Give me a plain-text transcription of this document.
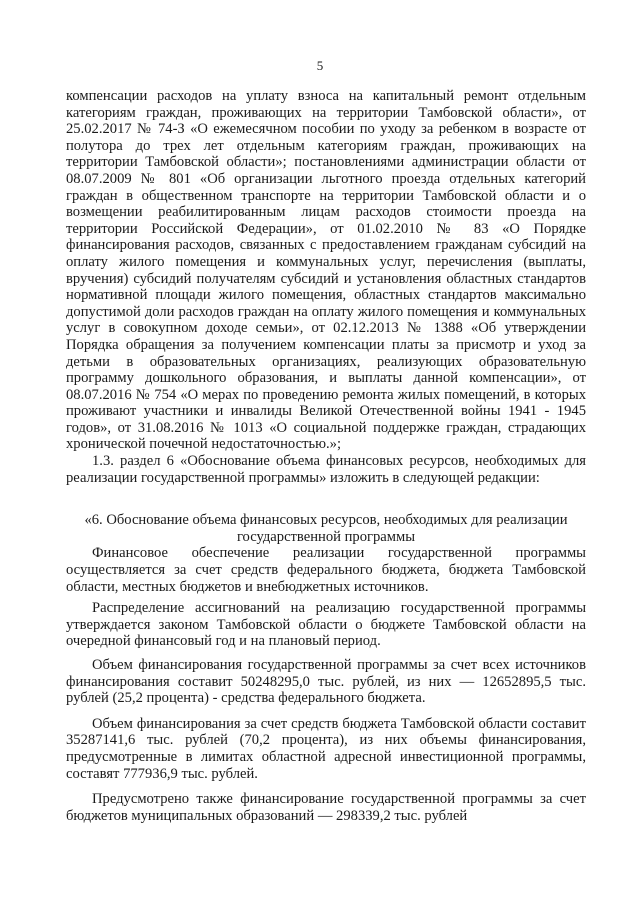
5

компенсации расходов на уплату взноса на капитальный ремонт отдельным категориям граждан, проживающих на территории Тамбовской области», от 25.02.2017 № 74-З «О ежемесячном пособии по уходу за ребенком в возрасте от полутора до трех лет отдельным категориям граждан, проживающих на территории Тамбовской области»; постановлениями администрации области от 08.07.2009 № 801 «Об организации льготного проезда отдельных категорий граждан в общественном транспорте на территории Тамбовской области и о возмещении реабилитированным лицам расходов стоимости проезда на территории Российской Федерации», от 01.02.2010 № 83 «О Порядке финансирования расходов, связанных с предоставлением гражданам субсидий на оплату жилого помещения и коммунальных услуг, перечисления (выплаты, вручения) субсидий получателям субсидий и установления областных стандартов нормативной площади жилого помещения, областных стандартов максимально допустимой доли расходов граждан на оплату жилого помещения и коммунальных услуг в совокупном доходе семьи», от 02.12.2013 № 1388 «Об утверждении Порядка обращения за получением компенсации платы за присмотр и уход за детьми в образовательных организациях, реализующих образовательную программу дошкольного образования, и выплаты данной компенсации», от 08.07.2016 № 754 «О мерах по проведению ремонта жилых помещений, в которых проживают участники и инвалиды Великой Отечественной войны 1941 - 1945 годов», от 31.08.2016 № 1013 «О социальной поддержке граждан, страдающих хронической почечной недостаточностью.»;

1.3. раздел 6 «Обоснование объема финансовых ресурсов, необходимых для реализации государственной программы» изложить в следующей редакции:

«6. Обоснование объема финансовых ресурсов, необходимых для реализации государственной программы

Финансовое обеспечение реализации государственной программы осуществляется за счет средств федерального бюджета, бюджета Тамбовской области, местных бюджетов и внебюджетных источников.

Распределение ассигнований на реализацию государственной программы утверждается законом Тамбовской области о бюджете Тамбовской области на очередной финансовый год и на плановый период.

Объем финансирования государственной программы за счет всех источников финансирования составит 50248295,0 тыс. рублей, из них — 12652895,5 тыс. рублей (25,2 процента) - средства федерального бюджета.

Объем финансирования за счет средств бюджета Тамбовской области составит 35287141,6 тыс. рублей (70,2 процента), из них объемы финансирования, предусмотренные в лимитах областной адресной инвестиционной программы, составят 777936,9 тыс. рублей.

Предусмотрено также финансирование государственной программы за счет бюджетов муниципальных образований — 298339,2 тыс. рублей
